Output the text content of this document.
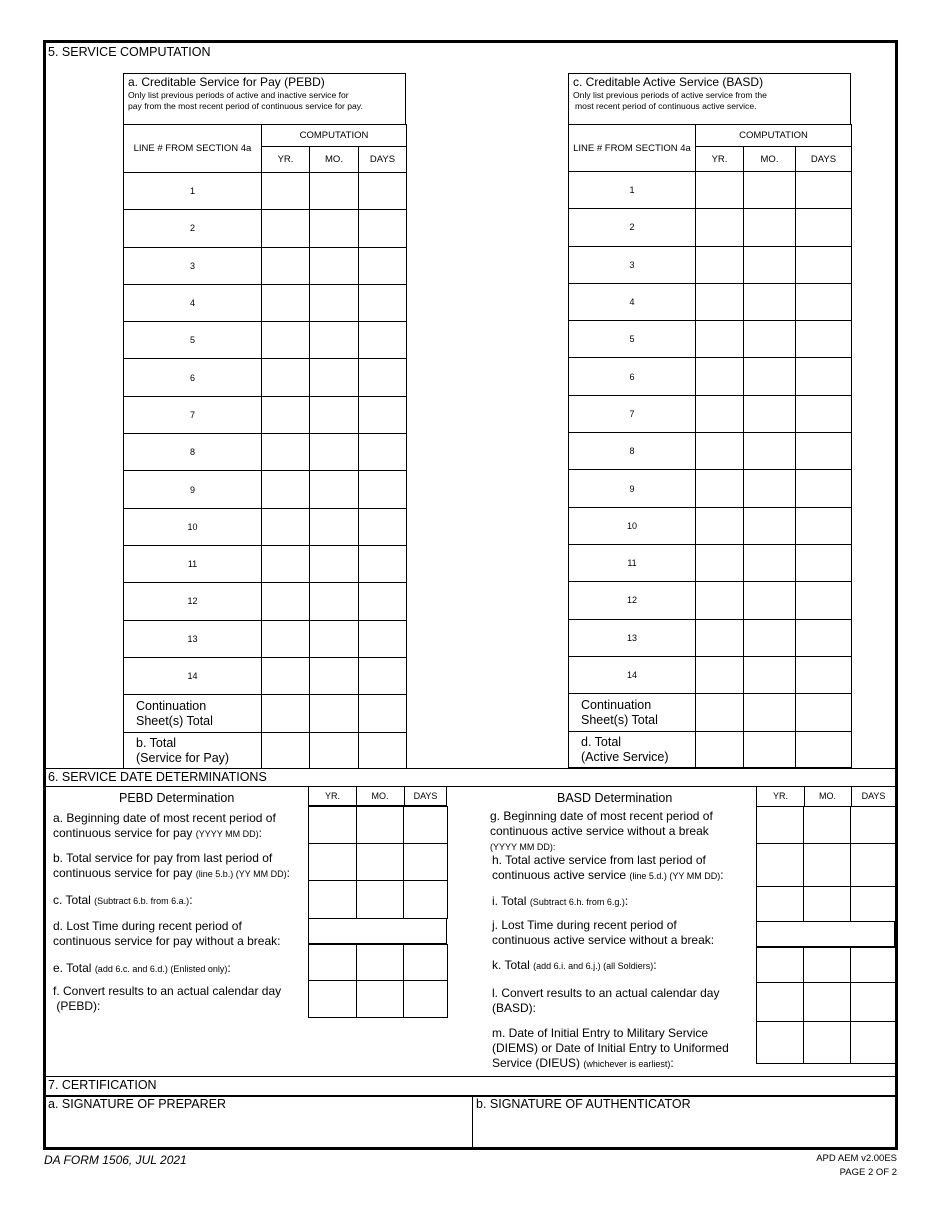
5. SERVICE COMPUTATION
a. Creditable Service for Pay (PEBD)
Only list previous periods of active and inactive service for
pay from the most recent period of continuous service for pay.
LINE # FROM SECTION 4a	COMPUTATION		
	YR.	MO.	DAYS
1			
2			
3			
4			
5			
6			
7			
8			
9			
10			
11			
12			
13			
14			
Continuation
Sheet(s) Total			
b. Total
(Service for Pay)			
c. Creditable Active Service (BASD)
Only list previous periods of active service from the
most recent period of continuous active service.
LINE # FROM SECTION 4a	COMPUTATION		
	YR.	MO.	DAYS
1			
2			
3			
4			
5			
6			
7			
8			
9			
10			
11			
12			
13			
14			
Continuation
Sheet(s) Total			
d. Total
(Active Service)			
6. SERVICE DATE DETERMINATIONS
PEBD Determination	YR.	MO.	DAYS
a. Beginning date of most recent period of
continuous service for pay (YYYY MM DD):
b. Total service for pay from last period of
continuous service for pay (line 5.b.) (YY MM DD):
c. Total (Subtract 6.b. from 6.a.):
d. Lost Time during recent period of
continuous service for pay without a break:
e. Total (add 6.c. and 6.d.) (Enlisted only):
f. Convert results to an actual calendar day
(PEBD):
BASD Determination	YR.	MO.	DAYS
g. Beginning date of most recent period of
continuous active service without a break
(YYYY MM DD):
h. Total active service from last period of
continuous active service (line 5.d.) (YY MM DD):
i. Total (Subtract 6.h. from 6.g.):
j. Lost Time during recent period of
continuous active service without a break:
k. Total (add 6.i. and 6.j.) (all Soldiers):
l. Convert results to an actual calendar day
(BASD):
m. Date of Initial Entry to Military Service
(DIEMS) or Date of Initial Entry to Uniformed
Service (DIEUS) (whichever is earliest):
7. CERTIFICATION
a. SIGNATURE OF PREPARER	b. SIGNATURE OF AUTHENTICATOR
DA FORM 1506, JUL 2021	APD AEM v2.00ES
PAGE 2 OF 2
